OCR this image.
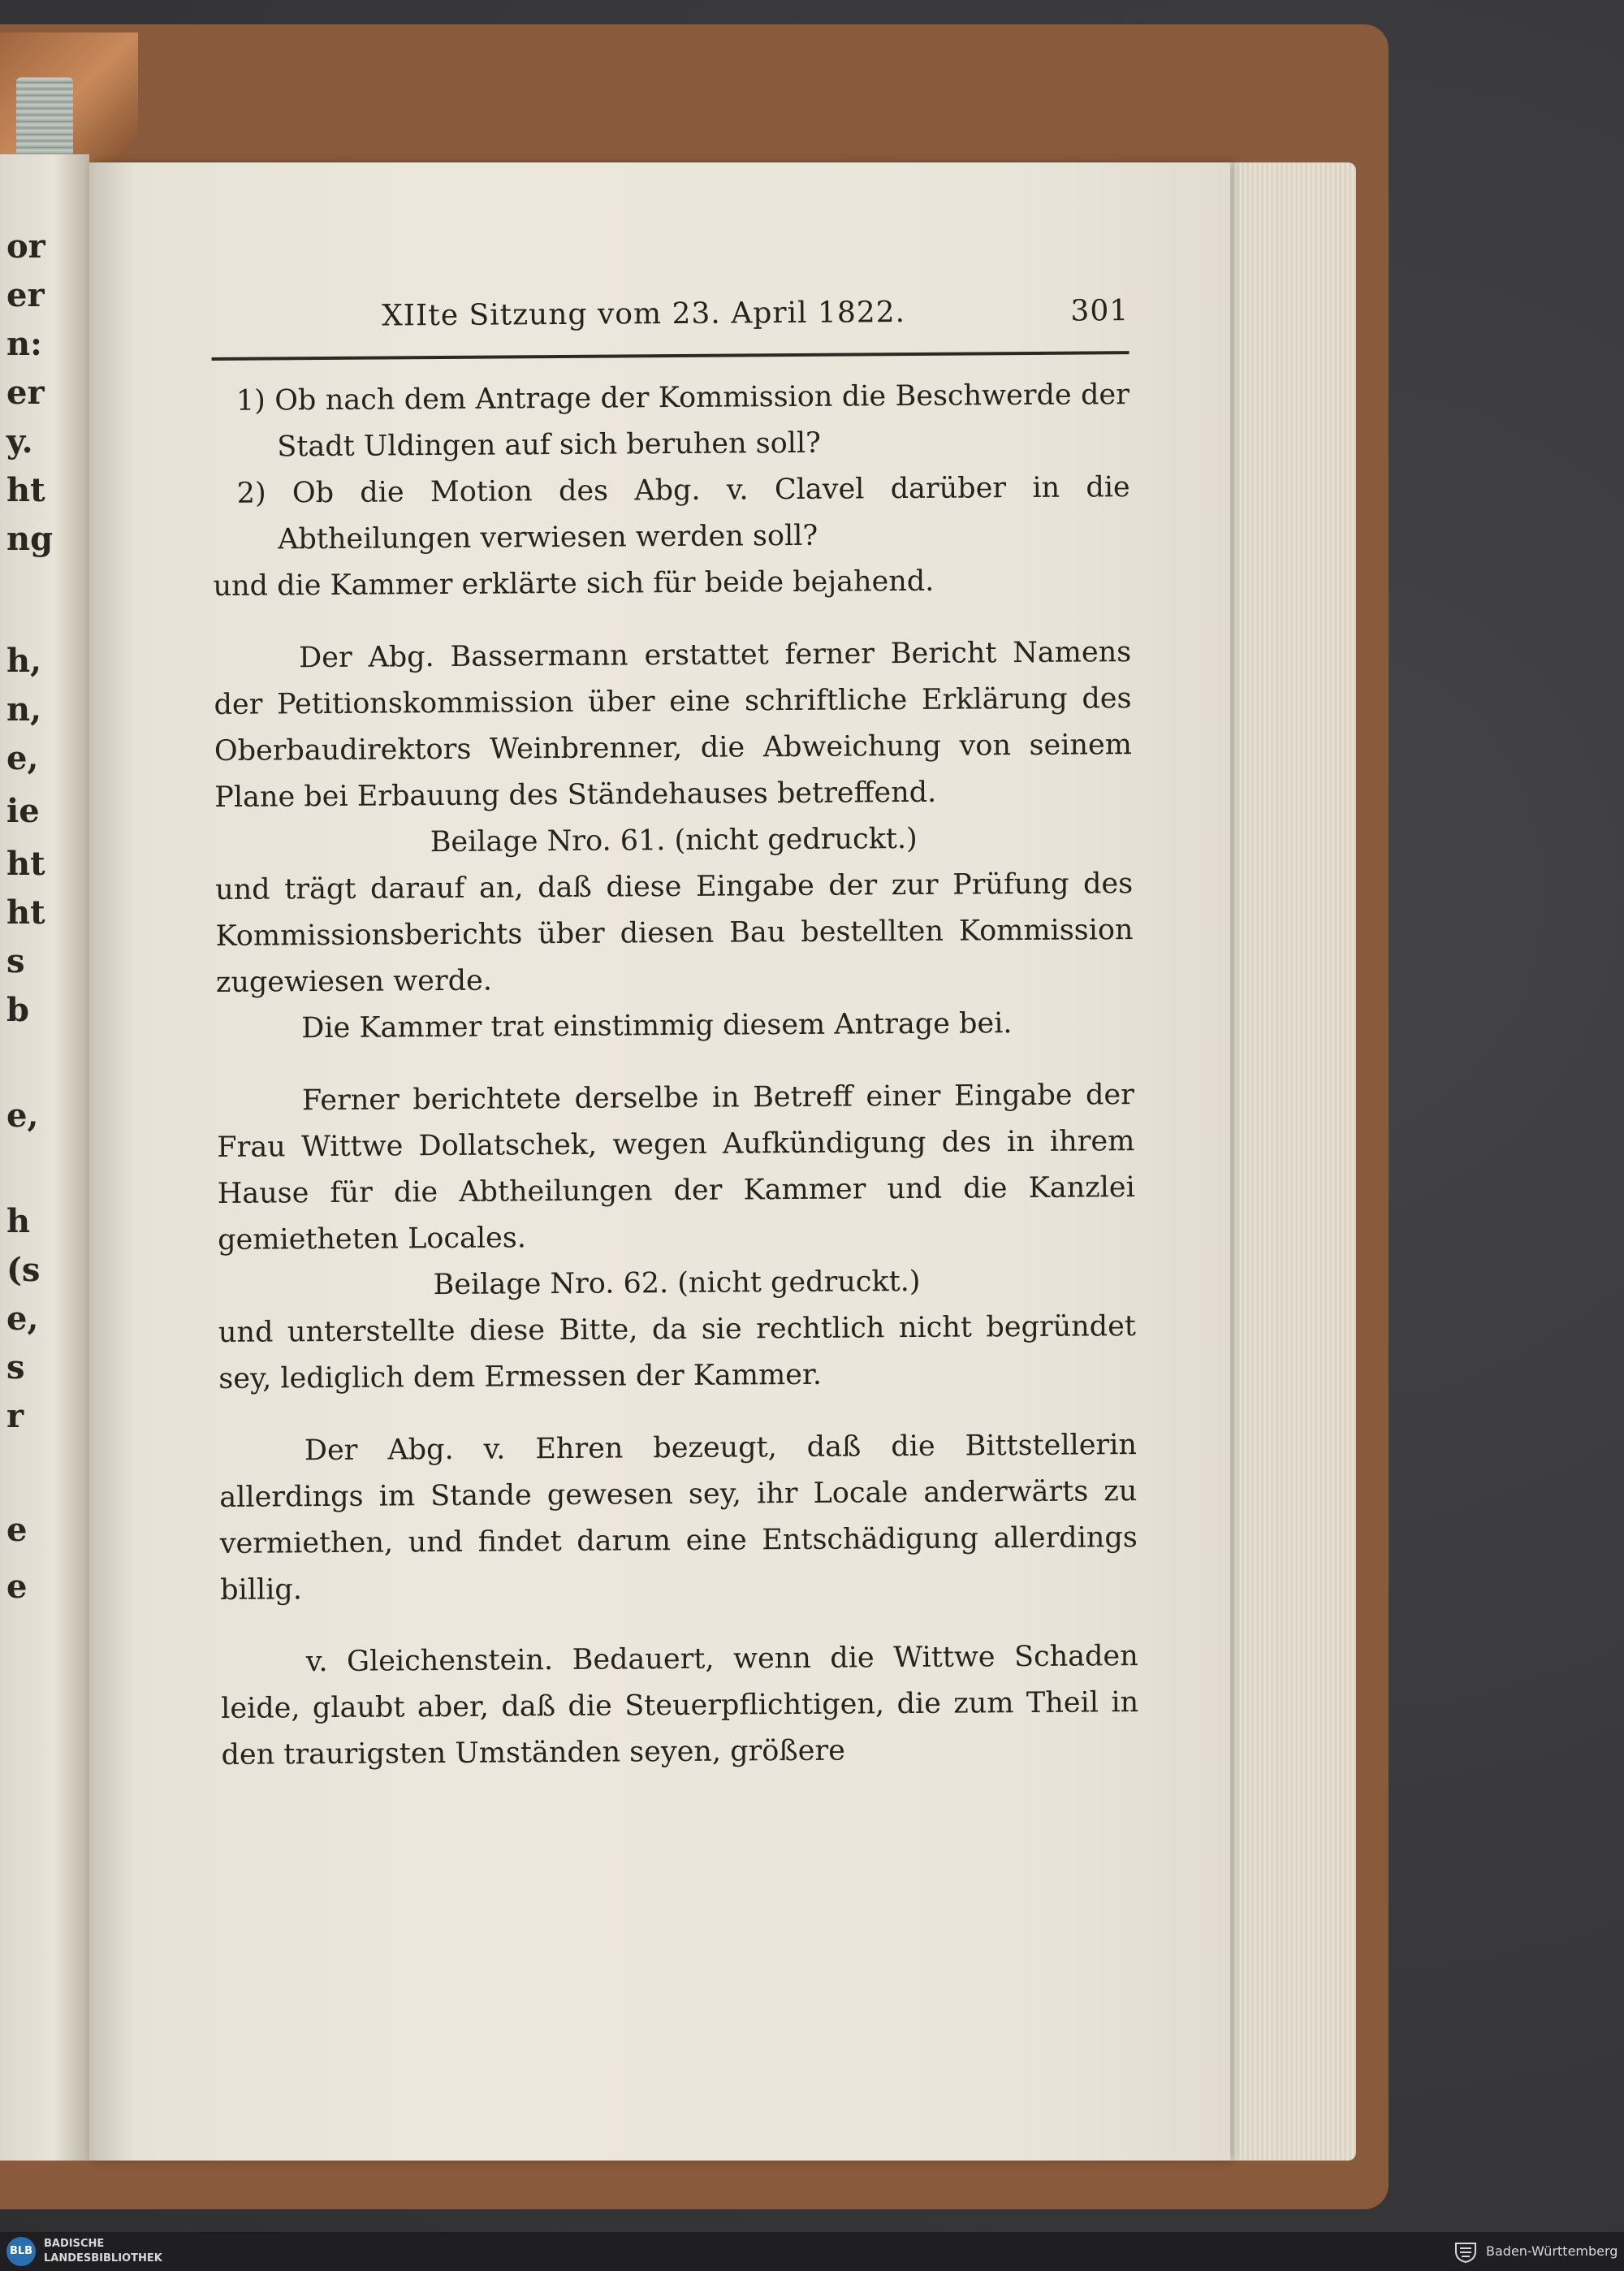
or
er
n:
er
y.
ht
ng
h,
n,
e,
ie
ht
ht
s
b
e,
h
(s
e,
s
r
e
e
XIIte Sitzung vom 23. April 1822.	301

1) Ob nach dem Antrage der Kommission die Beschwerde der Stadt Uldingen auf sich beruhen soll?

2) Ob die Motion des Abg. v. Clavel darüber in die Abtheilungen verwiesen werden soll?

und die Kammer erklärte sich für beide bejahend.

Der Abg. Bassermann erstattet ferner Bericht Namens der Petitionskommission über eine schriftliche Erklärung des Oberbaudirektors Weinbrenner, die Abweichung von seinem Plane bei Erbauung des Ständehauses betreffend.

Beilage Nro. 61. (nicht gedruckt.)

und trägt darauf an, daß diese Eingabe der zur Prüfung des Kommissionsberichts über diesen Bau bestellten Kommission zugewiesen werde.

Die Kammer trat einstimmig diesem Antrage bei.

Ferner berichtete derselbe in Betreff einer Eingabe der Frau Wittwe Dollatschek, wegen Aufkündigung des in ihrem Hause für die Abtheilungen der Kammer und die Kanzlei gemietheten Locales.

Beilage Nro. 62. (nicht gedruckt.)

und unterstellte diese Bitte, da sie rechtlich nicht begründet sey, lediglich dem Ermessen der Kammer.

Der Abg. v. Ehren bezeugt, daß die Bittstellerin allerdings im Stande gewesen sey, ihr Locale anderwärts zu vermiethen, und findet darum eine Entschädigung allerdings billig.

v. Gleichenstein. Bedauert, wenn die Wittwe Schaden leide, glaubt aber, daß die Steuerpflichtigen, die zum Theil in den traurigsten Umständen seyen, größere

BLB
BADISCHE
LANDESBIBLIOTHEK	Baden-Württemberg
